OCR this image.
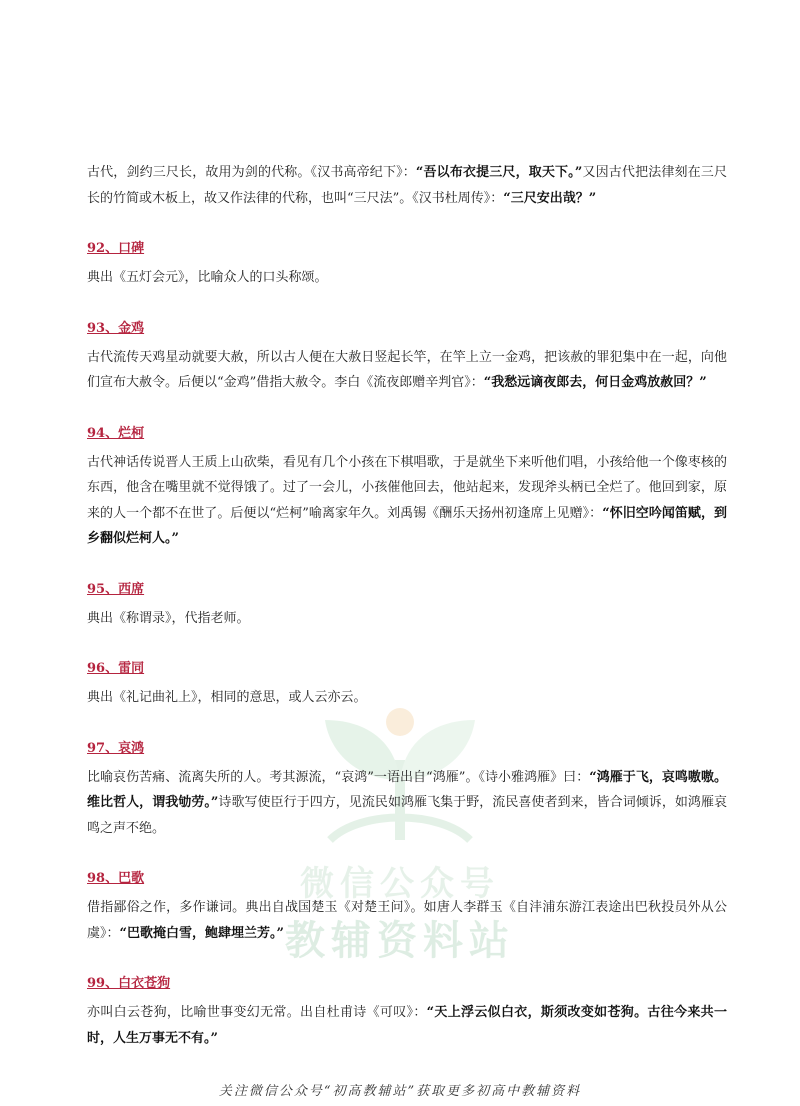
微信公众号
教辅资料站

古代，剑约三尺长，故用为剑的代称。《汉书高帝纪下》：“吾以布衣提三尺，取天下。”又因古代把法律刻在三尺长的竹简或木板上，故又作法律的代称，也叫“三尺法”。《汉书杜周传》：“三尺安出哉？”

92、口碑

典出《五灯会元》，比喻众人的口头称颂。

93、金鸡

古代流传天鸡星动就要大赦，所以古人便在大赦日竖起长竿，在竿上立一金鸡，把该赦的罪犯集中在一起，向他们宣布大赦令。后便以“金鸡”借指大赦令。李白《流夜郎赠辛判官》：“我愁远谪夜郎去，何日金鸡放赦回？”

94、烂柯

古代神话传说晋人王质上山砍柴，看见有几个小孩在下棋唱歌，于是就坐下来听他们唱，小孩给他一个像枣核的东西，他含在嘴里就不觉得饿了。过了一会儿，小孩催他回去，他站起来，发现斧头柄已全烂了。他回到家，原来的人一个都不在世了。后便以“烂柯”喻离家年久。刘禹锡《酬乐天扬州初逢席上见赠》：“怀旧空吟闻笛赋，到乡翻似烂柯人。”

95、西席

典出《称谓录》，代指老师。

96、雷同

典出《礼记曲礼上》，相同的意思，或人云亦云。

97、哀鸿

比喻哀伤苦痛、流离失所的人。考其源流，“哀鸿”一语出自“鸿雁”。《诗小雅鸿雁》曰：“鸿雁于飞，哀鸣嗷嗷。维比哲人，谓我劬劳。”诗歌写使臣行于四方，见流民如鸿雁飞集于野，流民喜使者到来，皆合词倾诉，如鸿雁哀鸣之声不绝。

98、巴歌

借指鄙俗之作，多作谦词。典出自战国楚玉《对楚王问》。如唐人李群玉《自沣浦东游江表途出巴秋投员外从公虞》：“巴歌掩白雪，鲍肆埋兰芳。”

99、白衣苍狗

亦叫白云苍狗，比喻世事变幻无常。出自杜甫诗《可叹》：“天上浮云似白衣，斯须改变如苍狗。古往今来共一时，人生万事无不有。”

关注微信公众号“初高教辅站”获取更多初高中教辅资料
